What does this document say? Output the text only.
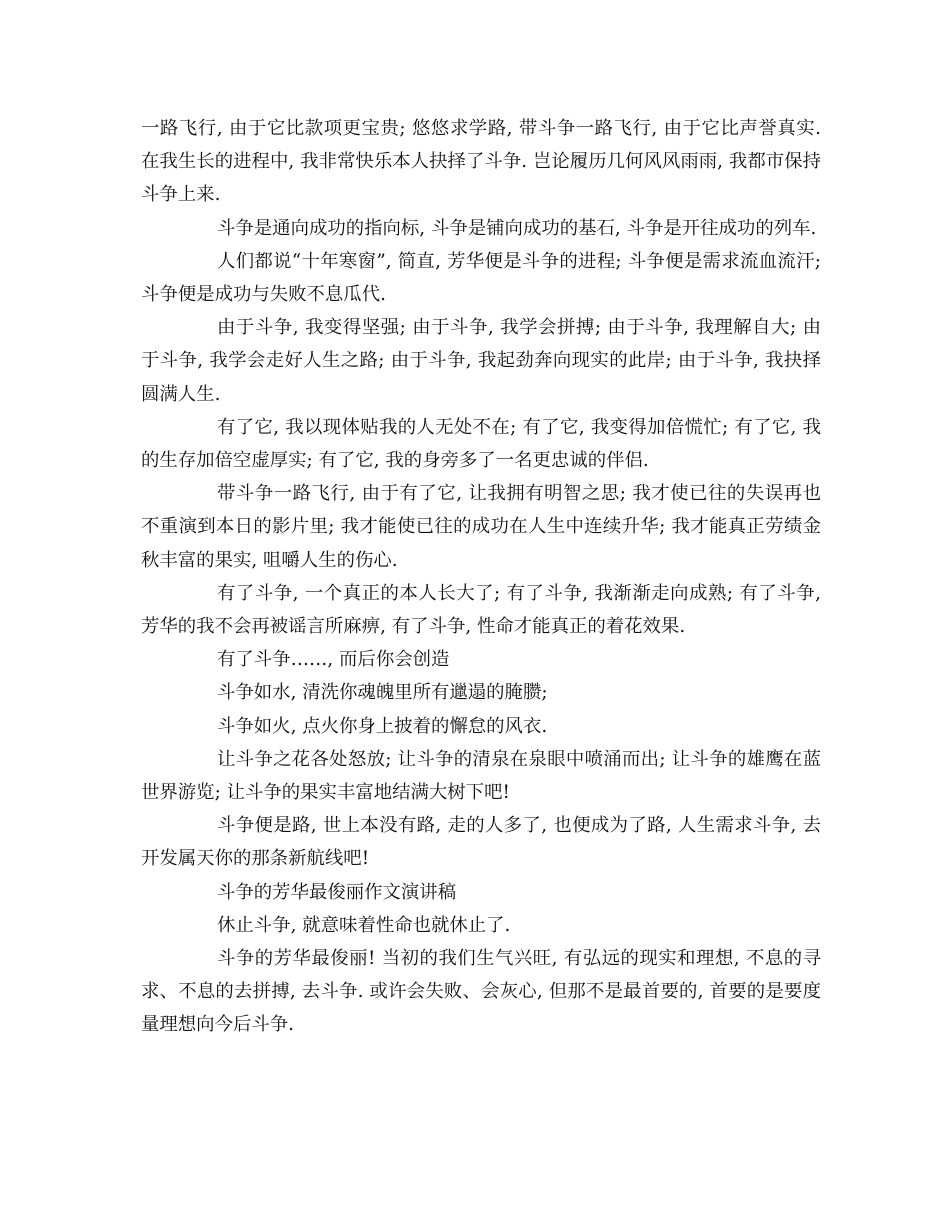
一路飞行, 由于它比款项更宝贵; 悠悠求学路, 带斗争一路飞行, 由于它比声誉真实. 在我生长的进程中, 我非常快乐本人抉择了斗争. 岂论履历几何风风雨雨, 我都市保持斗争上来.

斗争是通向成功的指向标, 斗争是铺向成功的基石, 斗争是开往成功的列车.

人们都说“十年寒窗”, 简直, 芳华便是斗争的进程; 斗争便是需求流血流汗; 斗争便是成功与失败不息瓜代.

由于斗争, 我变得坚强; 由于斗争, 我学会拼搏; 由于斗争, 我理解自大; 由于斗争, 我学会走好人生之路; 由于斗争, 我起劲奔向现实的此岸; 由于斗争, 我抉择圆满人生.

有了它, 我以现体贴我的人无处不在; 有了它, 我变得加倍慌忙; 有了它, 我的生存加倍空虚厚实; 有了它, 我的身旁多了一名更忠诚的伴侣.

带斗争一路飞行, 由于有了它, 让我拥有明智之思; 我才使已往的失误再也不重演到本日的影片里; 我才能使已往的成功在人生中连续升华; 我才能真正劳绩金秋丰富的果实, 咀嚼人生的伤心.

有了斗争, 一个真正的本人长大了; 有了斗争, 我渐渐走向成熟; 有了斗争, 芳华的我不会再被谣言所麻痹, 有了斗争, 性命才能真正的着花效果.

有了斗争……, 而后你会创造

斗争如水, 清洗你魂魄里所有邋遢的腌臜;

斗争如火, 点火你身上披着的懈怠的风衣.

让斗争之花各处怒放; 让斗争的清泉在泉眼中喷涌而出; 让斗争的雄鹰在蓝世界游览; 让斗争的果实丰富地结满大树下吧!

斗争便是路, 世上本没有路, 走的人多了, 也便成为了路, 人生需求斗争, 去开发属天你的那条新航线吧!

斗争的芳华最俊丽作文演讲稿

休止斗争, 就意味着性命也就休止了.

斗争的芳华最俊丽! 当初的我们生气兴旺, 有弘远的现实和理想, 不息的寻求、不息的去拼搏, 去斗争. 或许会失败、会灰心, 但那不是最首要的, 首要的是要度量理想向今后斗争.
